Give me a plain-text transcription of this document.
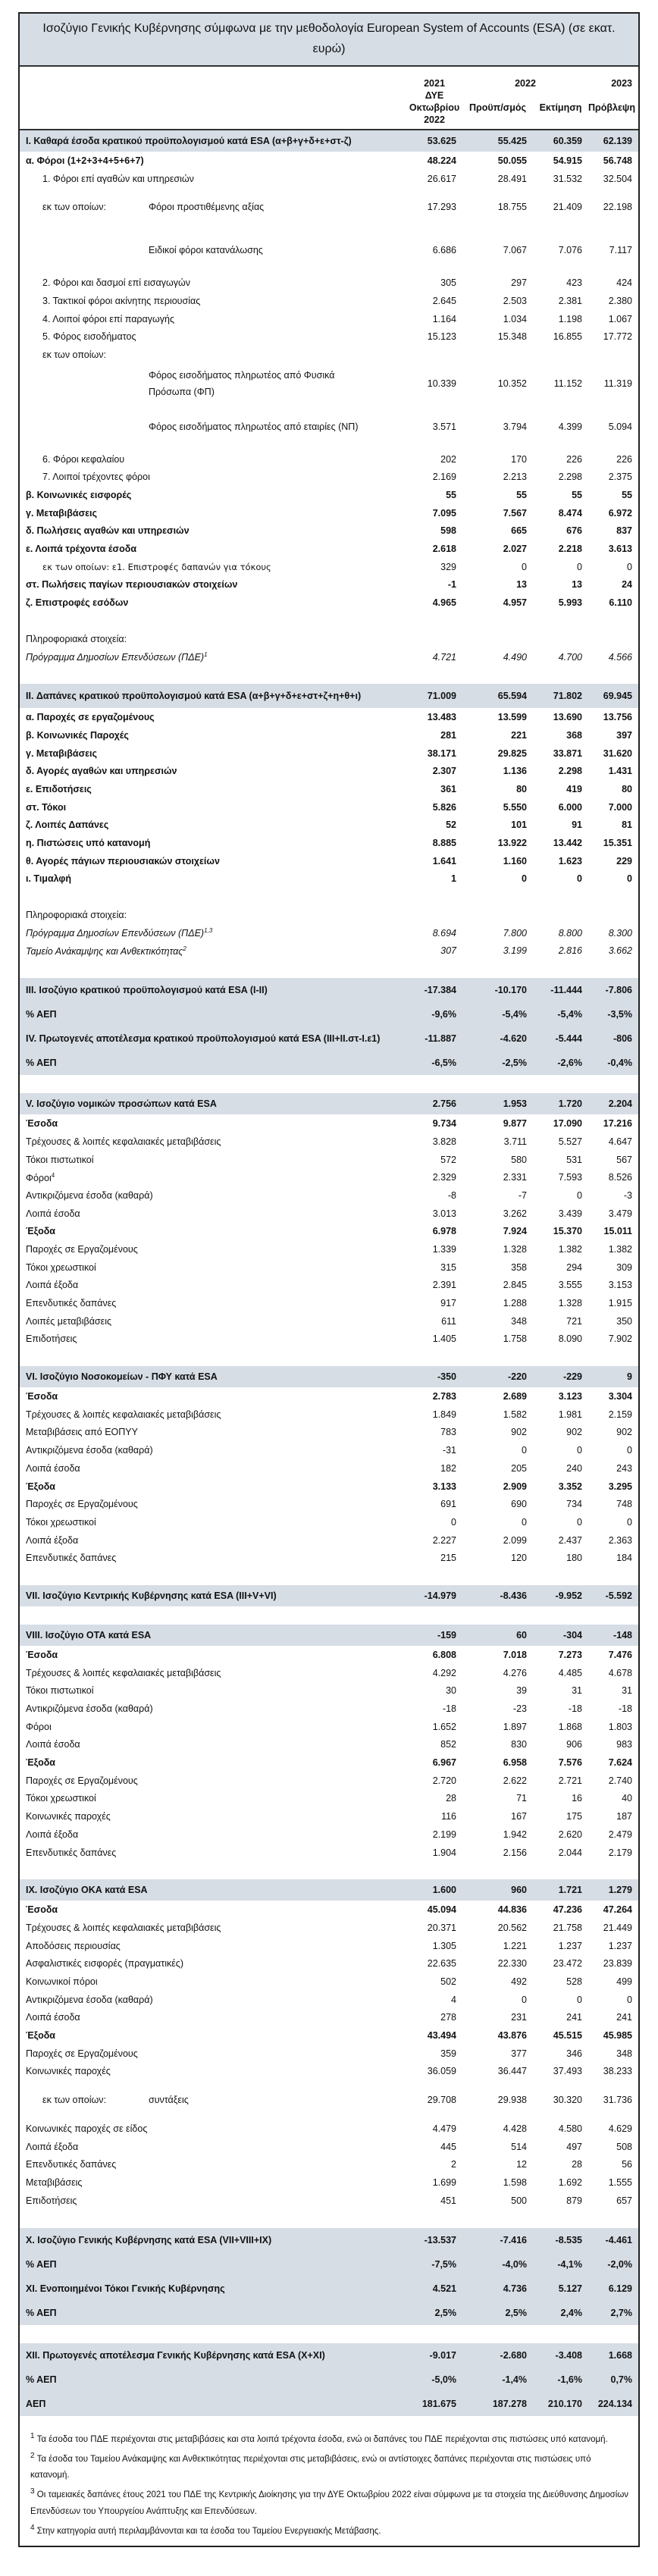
Ισοζύγιο Γενικής Κυβέρνησης σύμφωνα με την μεθοδολογία European System of Accounts (ESA) (σε εκατ. ευρώ)

	2021	2022		2023
	ΔΥΕ			
	Οκτωβρίου	Προϋπ/σμός	Εκτίμηση	Πρόβλεψη
	2022			
I. Καθαρά έσοδα κρατικού προϋπολογισμού κατά ESA (α+β+γ+δ+ε+στ-ζ)	53.625	55.425	60.359	62.139
α. Φόροι (1+2+3+4+5+6+7)	48.224	50.055	54.915	56.748
1. Φόροι επί αγαθών και υπηρεσιών	26.617	28.491	31.532	32.504
εκ των οποίων: Φόροι προστιθέμενης αξίας	17.293	18.755	21.409	22.198
Ειδικοί φόροι κατανάλωσης	6.686	7.067	7.076	7.117
2. Φόροι και δασμοί επί εισαγωγών	305	297	423	424
3. Τακτικοί φόροι ακίνητης περιουσίας	2.645	2.503	2.381	2.380
4. Λοιποί φόροι επί παραγωγής	1.164	1.034	1.198	1.067
5. Φόρος εισοδήματος	15.123	15.348	16.855	17.772
εκ των οποίων:				
Φόρος εισοδήματος πληρωτέος από Φυσικά Πρόσωπα (ΦΠ)	10.339	10.352	11.152	11.319
Φόρος εισοδήματος πληρωτέος από εταιρίες (ΝΠ)	3.571	3.794	4.399	5.094
6. Φόροι κεφαλαίου	202	170	226	226
7. Λοιποί τρέχοντες φόροι	2.169	2.213	2.298	2.375
β. Κοινωνικές εισφορές	55	55	55	55
γ. Μεταβιβάσεις	7.095	7.567	8.474	6.972
δ. Πωλήσεις αγαθών και υπηρεσιών	598	665	676	837
ε. Λοιπά τρέχοντα έσοδα	2.618	2.027	2.218	3.613
εκ των οποίων: ε1. Επιστροφές δαπανών για τόκους	329	0	0	0
στ. Πωλήσεις παγίων περιουσιακών στοιχείων	-1	13	13	24
ζ. Επιστροφές εσόδων	4.965	4.957	5.993	6.110

Πληροφοριακά στοιχεία:				
Πρόγραμμα Δημοσίων Επενδύσεων $(\Pi\Delta E)^1$	4.721	4.490	4.700	4.566

II. Δαπάνες κρατικού προϋπολογισμού κατά ESA (α+β+γ+δ+ε+στ+ζ+η+θ+ι)	71.009	65.594	71.802	69.945
α. Παροχές σε εργαζομένους	13.483	13.599	13.690	13.756
β. Κοινωνικές Παροχές	281	221	368	397
γ. Μεταβιβάσεις	38.171	29.825	33.871	31.620
δ. Αγορές αγαθών και υπηρεσιών	2.307	1.136	2.298	1.431
ε. Επιδοτήσεις	361	80	419	80
στ. Τόκοι	5.826	5.550	6.000	7.000
ζ. Λοιπές Δαπάνες	52	101	91	81
η. Πιστώσεις υπό κατανομή	8.885	13.922	13.442	15.351
θ. Αγορές πάγιων περιουσιακών στοιχείων	1.641	1.160	1.623	229
ι. Τιμαλφή	1	0	0	0

Πληροφοριακά στοιχεία:				
Πρόγραμμα Δημοσίων Επενδύσεων $(\Pi\Delta E)^{1,3}$	8.694	7.800	8.800	8.300
Ταμείο Ανάκαμψης και Ανθεκτικότητας$^2$	307	3.199	2.816	3.662

III. Ισοζύγιο κρατικού προϋπολογισμού κατά ESA (I-II)	-17.384	-10.170	-11.444	-7.806
% ΑΕΠ	-9,6%	-5,4%	-5,4%	-3,5%
IV. Πρωτογενές αποτέλεσμα κρατικού προϋπολογισμού κατά ESA (III+II.στ-I.ε1)	-11.887	-4.620	-5.444	-806
% ΑΕΠ	-6,5%	-2,5%	-2,6%	-0,4%

V. Ισοζύγιο νομικών προσώπων κατά ESA	2.756	1.953	1.720	2.204
Έσοδα	9.734	9.877	17.090	17.216
Τρέχουσες & λοιπές κεφαλαιακές μεταβιβάσεις	3.828	3.711	5.527	4.647
Τόκοι πιστωτικοί	572	580	531	567
Φόροι$^4$	2.329	2.331	7.593	8.526
Αντικριζόμενα έσοδα (καθαρά)	-8	-7	0	-3
Λοιπά έσοδα	3.013	3.262	3.439	3.479
Έξοδα	6.978	7.924	15.370	15.011
Παροχές σε Εργαζομένους	1.339	1.328	1.382	1.382
Τόκοι χρεωστικοί	315	358	294	309
Λοιπά έξοδα	2.391	2.845	3.555	3.153
Επενδυτικές δαπάνες	917	1.288	1.328	1.915
Λοιπές μεταβιβάσεις	611	348	721	350
Επιδοτήσεις	1.405	1.758	8.090	7.902

VI. Ισοζύγιο Νοσοκομείων - ΠΦΥ κατά ESA	-350	-220	-229	9
Έσοδα	2.783	2.689	3.123	3.304
Τρέχουσες & λοιπές κεφαλαιακές μεταβιβάσεις	1.849	1.582	1.981	2.159
Μεταβιβάσεις από ΕΟΠΥΥ	783	902	902	902
Αντικριζόμενα έσοδα (καθαρά)	-31	0	0	0
Λοιπά έσοδα	182	205	240	243
Έξοδα	3.133	2.909	3.352	3.295
Παροχές σε Εργαζομένους	691	690	734	748
Τόκοι χρεωστικοί	0	0	0	0
Λοιπά έξοδα	2.227	2.099	2.437	2.363
Επενδυτικές δαπάνες	215	120	180	184

VII. Ισοζύγιο Κεντρικής Κυβέρνησης κατά ESA (III+V+VI)	-14.979	-8.436	-9.952	-5.592

VIII. Ισοζύγιο ΟΤΑ κατά ESA	-159	60	-304	-148
Έσοδα	6.808	7.018	7.273	7.476
Τρέχουσες & λοιπές κεφαλαιακές μεταβιβάσεις	4.292	4.276	4.485	4.678
Τόκοι πιστωτικοί	30	39	31	31
Αντικριζόμενα έσοδα (καθαρά)	-18	-23	-18	-18
Φόροι	1.652	1.897	1.868	1.803
Λοιπά έσοδα	852	830	906	983
Έξοδα	6.967	6.958	7.576	7.624
Παροχές σε Εργαζομένους	2.720	2.622	2.721	2.740
Τόκοι χρεωστικοί	28	71	16	40
Κοινωνικές παροχές	116	167	175	187
Λοιπά έξοδα	2.199	1.942	2.620	2.479
Επενδυτικές δαπάνες	1.904	2.156	2.044	2.179

IX. Ισοζύγιο ΟΚΑ κατά ESA	1.600	960	1.721	1.279
Έσοδα	45.094	44.836	47.236	47.264
Τρέχουσες & λοιπές κεφαλαιακές μεταβιβάσεις	20.371	20.562	21.758	21.449
Αποδόσεις περιουσίας	1.305	1.221	1.237	1.237
Ασφαλιστικές εισφορές (πραγματικές)	22.635	22.330	23.472	23.839
Κοινωνικοί πόροι	502	492	528	499
Αντικριζόμενα έσοδα (καθαρά)	4	0	0	0
Λοιπά έσοδα	278	231	241	241
Έξοδα	43.494	43.876	45.515	45.985
Παροχές σε Εργαζομένους	359	377	346	348
Κοινωνικές παροχές	36.059	36.447	37.493	38.233
εκ των οποίων: συντάξεις	29.708	29.938	30.320	31.736
Κοινωνικές παροχές σε είδος	4.479	4.428	4.580	4.629
Λοιπά έξοδα	445	514	497	508
Επενδυτικές δαπάνες	2	12	28	56
Μεταβιβάσεις	1.699	1.598	1.692	1.555
Επιδοτήσεις	451	500	879	657

X. Ισοζύγιο Γενικής Κυβέρνησης κατά ESA (VII+VIII+IX)	-13.537	-7.416	-8.535	-4.461
% ΑΕΠ	-7,5%	-4,0%	-4,1%	-2,0%
XI. Ενοποιημένοι Τόκοι Γενικής Κυβέρνησης	4.521	4.736	5.127	6.129
% ΑΕΠ	2,5%	2,5%	2,4%	2,7%

XII. Πρωτογενές αποτέλεσμα Γενικής Κυβέρνησης κατά ESA (X+XI)	-9.017	-2.680	-3.408	1.668
% ΑΕΠ	-5,0%	-1,4%	-1,6%	0,7%
ΑΕΠ	181.675	187.278	210.170	224.134

$^1$ Τα έσοδα του ΠΔΕ περιέχονται στις μεταβιβάσεις και στα λοιπά τρέχοντα έσοδα, ενώ οι δαπάνες του ΠΔΕ περιέχονται στις πιστώσεις υπό κατανομή.

$^2$ Τα έσοδα του Ταμείου Ανάκαμψης και Ανθεκτικότητας περιέχονται στις μεταβιβάσεις, ενώ οι αντίστοιχες δαπάνες περιέχονται στις πιστώσεις υπό κατανομή.

$^3$ Οι ταμειακές δαπάνες έτους 2021 του ΠΔΕ της Κεντρικής Διοίκησης για την ΔΥΕ Οκτωβρίου 2022 είναι σύμφωνα με τα στοιχεία της Διεύθυνσης Δημοσίων Επενδύσεων του Υπουργείου Ανάπτυξης και Επενδύσεων.

$^4$ Στην κατηγορία αυτή περιλαμβάνονται και τα έσοδα του Ταμείου Ενεργειακής Μετάβασης.
